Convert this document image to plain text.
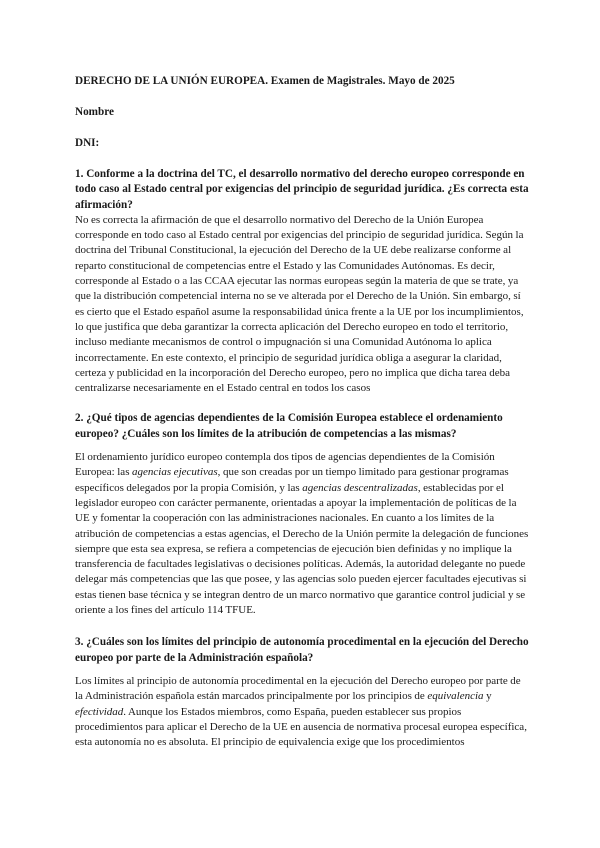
DERECHO DE LA UNIÓN EUROPEA. Examen de Magistrales. Mayo de 2025

Nombre

DNI:

1. Conforme a la doctrina del TC, el desarrollo normativo del derecho europeo corresponde en todo caso al Estado central por exigencias del principio de seguridad jurídica. ¿Es correcta esta afirmación?

No es correcta la afirmación de que el desarrollo normativo del Derecho de la Unión Europea corresponde en todo caso al Estado central por exigencias del principio de seguridad jurídica. Según la doctrina del Tribunal Constitucional, la ejecución del Derecho de la UE debe realizarse conforme al reparto constitucional de competencias entre el Estado y las Comunidades Autónomas. Es decir, corresponde al Estado o a las CCAA ejecutar las normas europeas según la materia de que se trate, ya que la distribución competencial interna no se ve alterada por el Derecho de la Unión. Sin embargo, sí es cierto que el Estado español asume la responsabilidad única frente a la UE por los incumplimientos, lo que justifica que deba garantizar la correcta aplicación del Derecho europeo en todo el territorio, incluso mediante mecanismos de control o impugnación si una Comunidad Autónoma lo aplica incorrectamente. En este contexto, el principio de seguridad jurídica obliga a asegurar la claridad, certeza y publicidad en la incorporación del Derecho europeo, pero no implica que dicha tarea deba centralizarse necesariamente en el Estado central en todos los casos

2. ¿Qué tipos de agencias dependientes de la Comisión Europea establece el ordenamiento europeo? ¿Cuáles son los límites de la atribución de competencias a las mismas?

El ordenamiento jurídico europeo contempla dos tipos de agencias dependientes de la Comisión Europea: las agencias ejecutivas, que son creadas por un tiempo limitado para gestionar programas específicos delegados por la propia Comisión, y las agencias descentralizadas, establecidas por el legislador europeo con carácter permanente, orientadas a apoyar la implementación de políticas de la UE y fomentar la cooperación con las administraciones nacionales. En cuanto a los límites de la atribución de competencias a estas agencias, el Derecho de la Unión permite la delegación de funciones siempre que esta sea expresa, se refiera a competencias de ejecución bien definidas y no implique la transferencia de facultades legislativas o decisiones políticas. Además, la autoridad delegante no puede delegar más competencias que las que posee, y las agencias solo pueden ejercer facultades ejecutivas si estas tienen base técnica y se integran dentro de un marco normativo que garantice control judicial y se oriente a los fines del artículo 114 TFUE.

3. ¿Cuáles son los límites del principio de autonomía procedimental en la ejecución del Derecho europeo por parte de la Administración española?

Los límites al principio de autonomía procedimental en la ejecución del Derecho europeo por parte de la Administración española están marcados principalmente por los principios de equivalencia y efectividad. Aunque los Estados miembros, como España, pueden establecer sus propios procedimientos para aplicar el Derecho de la UE en ausencia de normativa procesal europea específica, esta autonomía no es absoluta. El principio de equivalencia exige que los procedimientos
